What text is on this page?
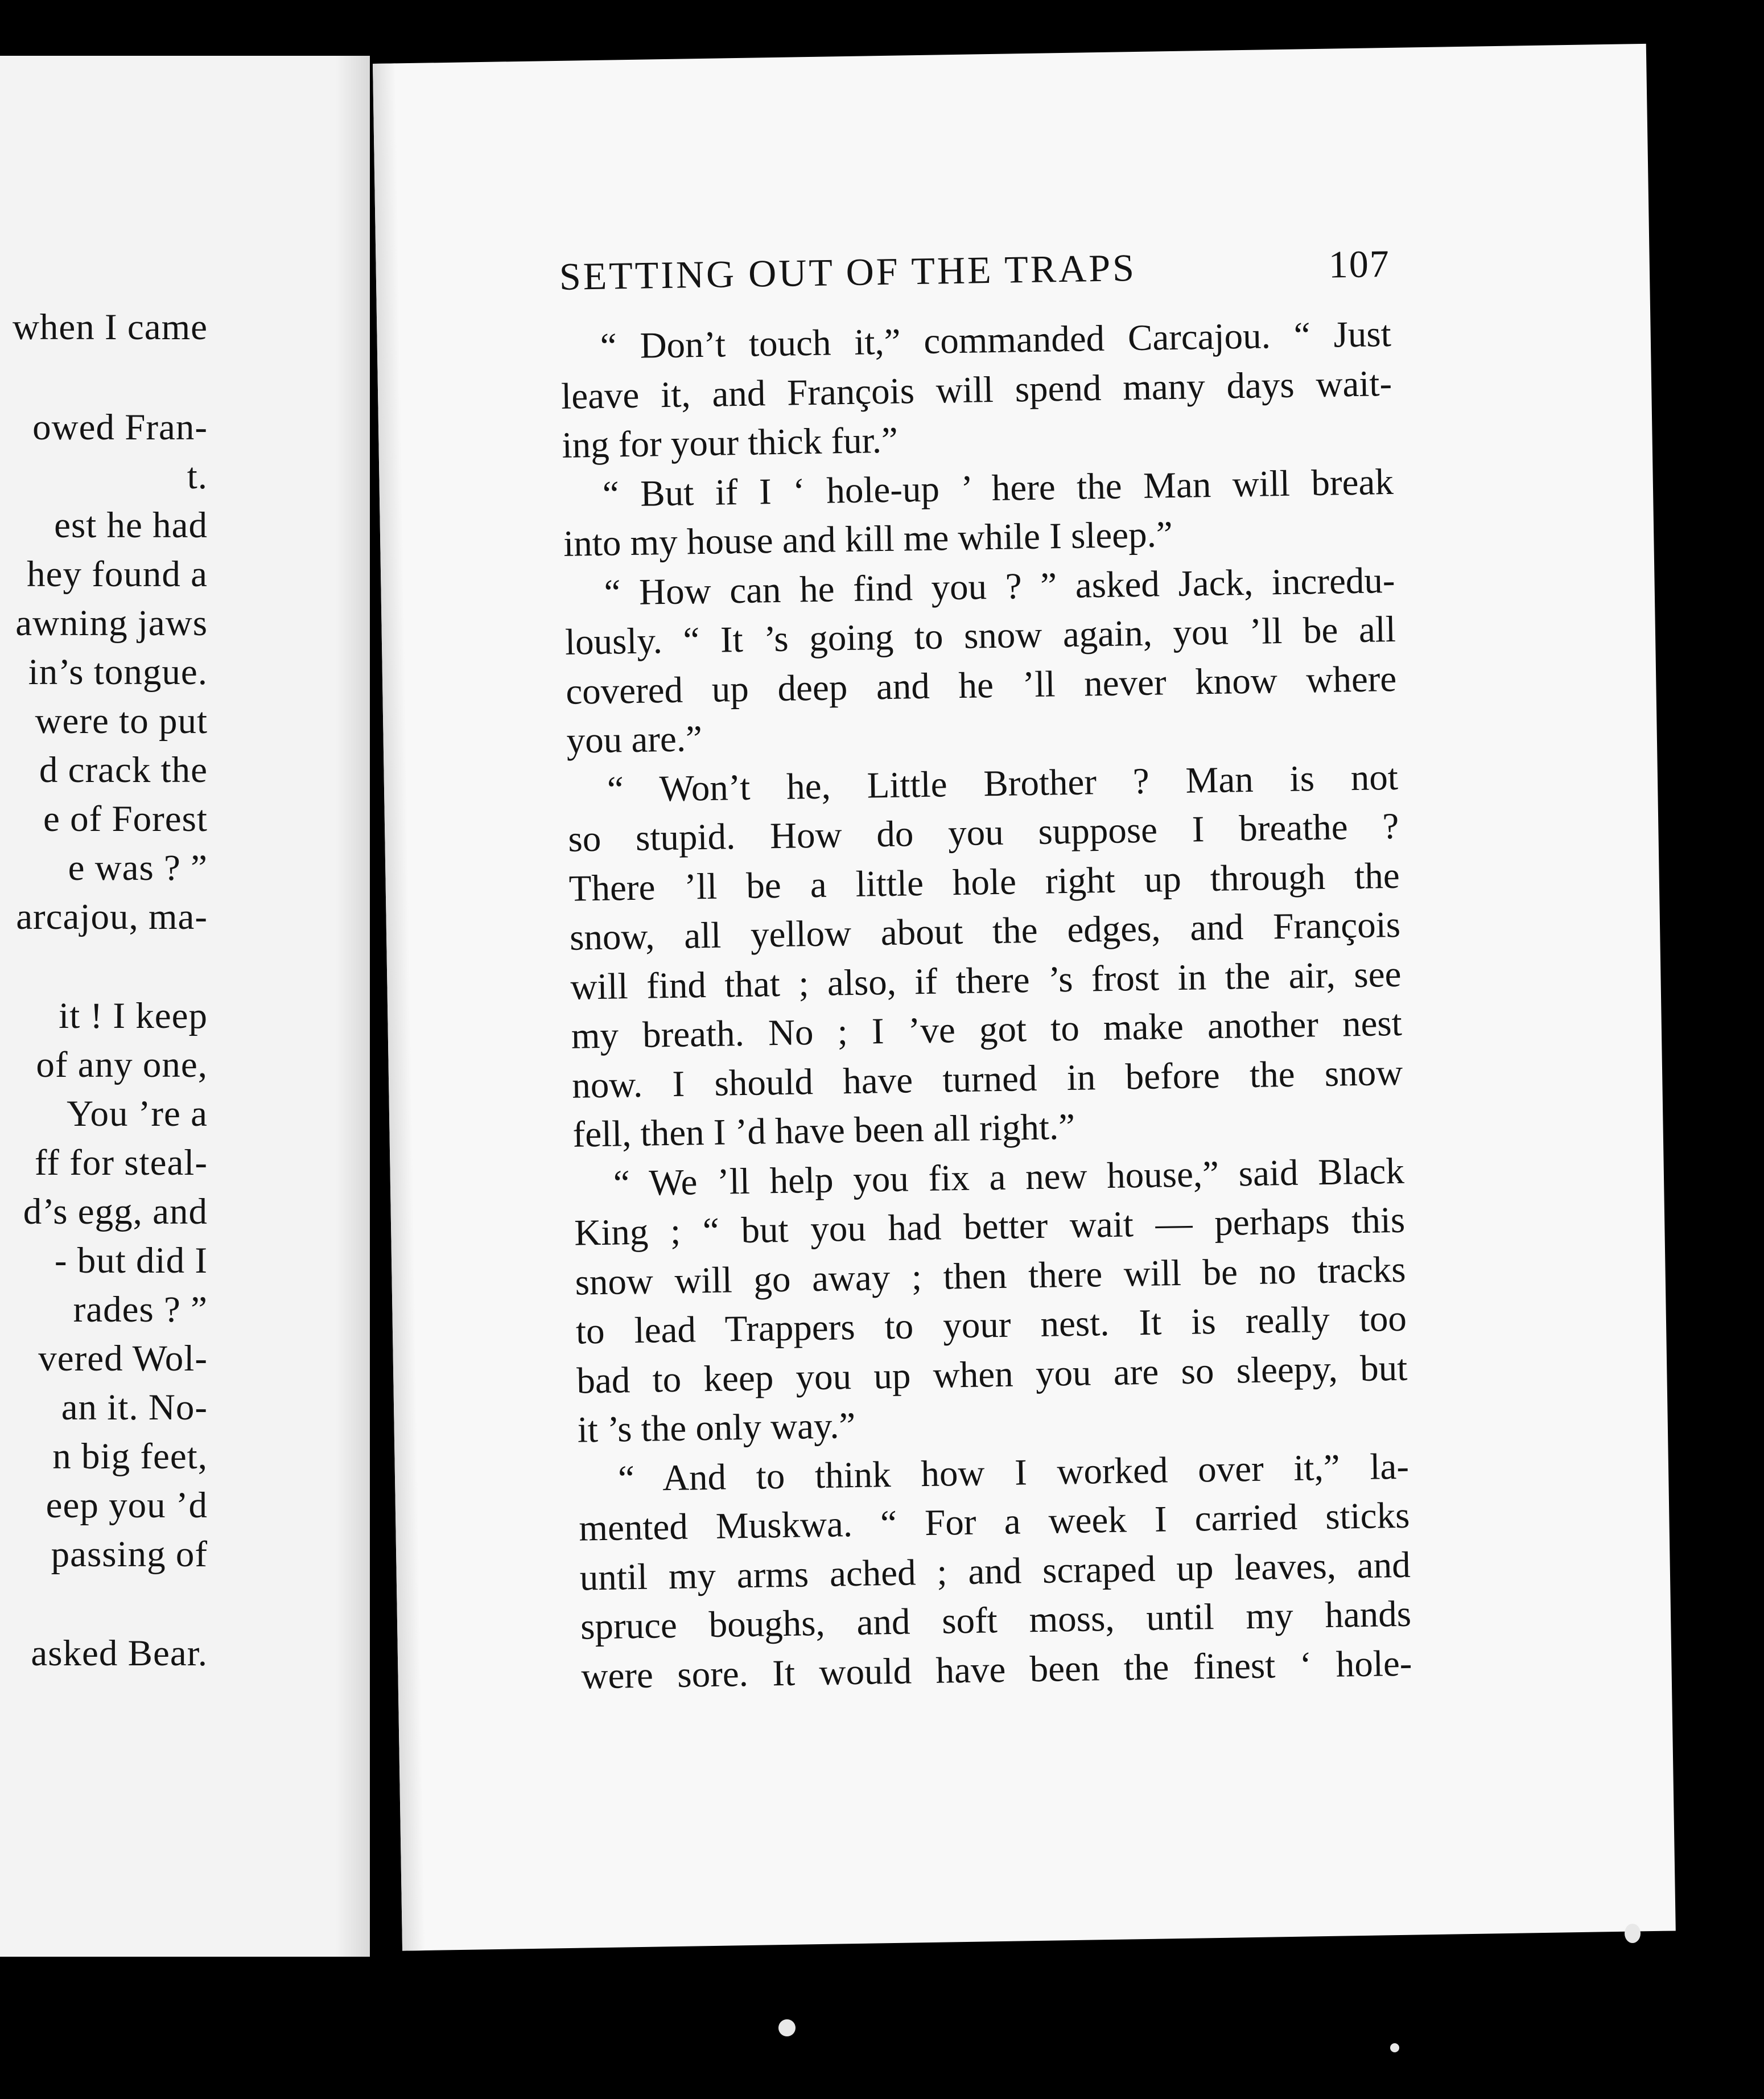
when I came
owed Fran-
t.
est he had
hey found a
awning jaws
in’s tongue.
were to put
d crack the
e of Forest
e was ? ”
arcajou, ma-
it ! I keep
of any one,
You ’re a
ff for steal-
d’s egg, and
- but did I
rades ? ”
vered Wol-
an it. No-
n big feet,
eep you ’d
passing of
asked Bear.
SETTING OUT OF THE TRAPS	107
“ Don’t touch it,” commanded Carcajou. “ Just
leave it, and François will spend many days wait-
ing for your thick fur.”
“ But if I ‘ hole-up ’ here the Man will break
into my house and kill me while I sleep.”
“ How can he find you ? ” asked Jack, incredu-
lously. “ It ’s going to snow again, you ’ll be all
covered up deep and he ’ll never know where
you are.”
“ Won’t he, Little Brother ? Man is not
so stupid. How do you suppose I breathe ?
There ’ll be a little hole right up through the
snow, all yellow about the edges, and François
will find that ; also, if there ’s frost in the air, see
my breath. No ; I ’ve got to make another nest
now. I should have turned in before the snow
fell, then I ’d have been all right.”
“ We ’ll help you fix a new house,” said Black
King ; “ but you had better wait — perhaps this
snow will go away ; then there will be no tracks
to lead Trappers to your nest. It is really too
bad to keep you up when you are so sleepy, but
it ’s the only way.”
“ And to think how I worked over it,” la-
mented Muskwa. “ For a week I carried sticks
until my arms ached ; and scraped up leaves, and
spruce boughs, and soft moss, until my hands
were sore. It would have been the finest ‘ hole-
